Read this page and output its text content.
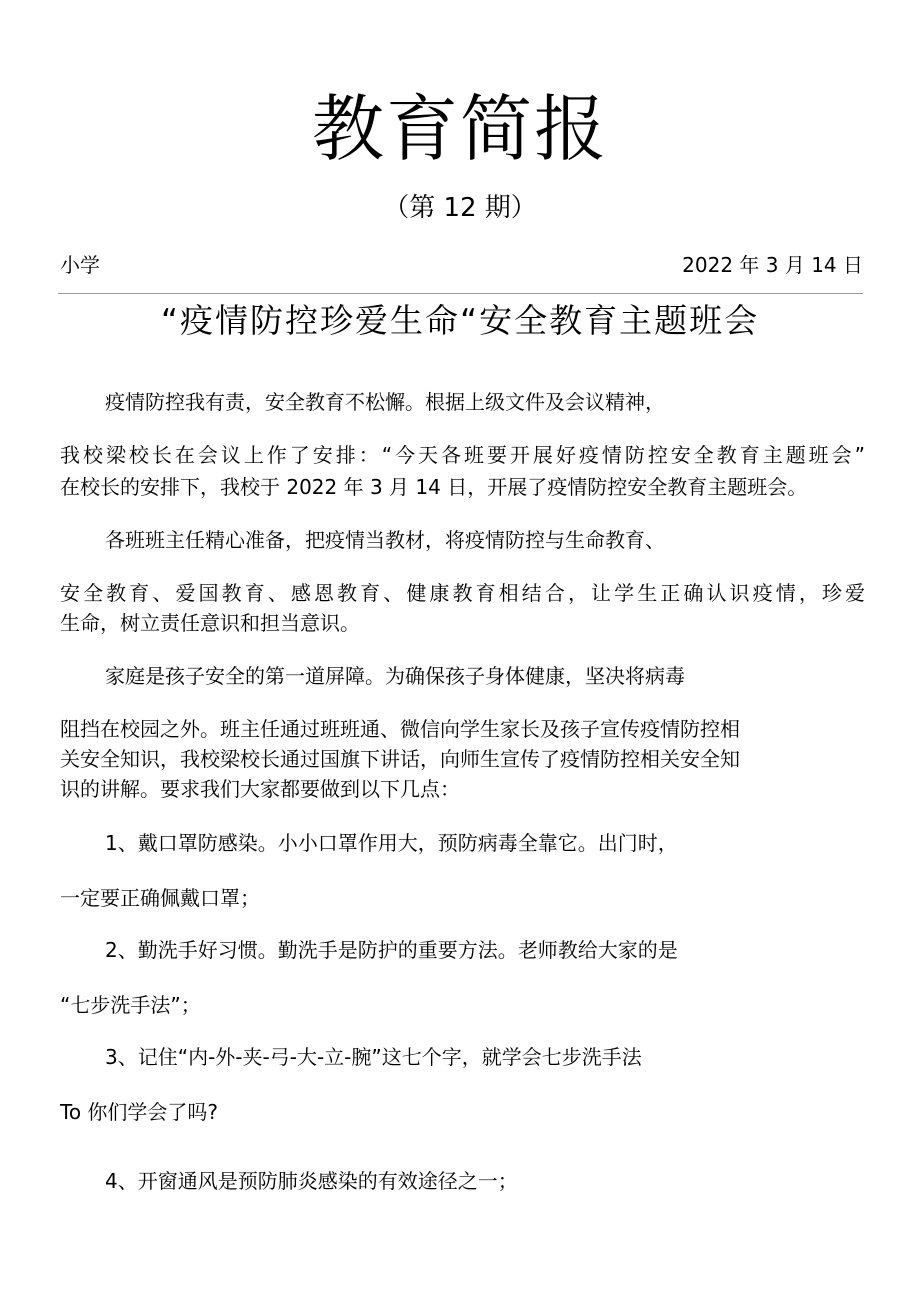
教育简报
（第 12 期）
小学	2022 年 3 月 14 日
“疫情防控珍爱生命“安全教育主题班会
疫情防控我有责，安全教育不松懈。根据上级文件及会议精神，
我校梁校长在会议上作了安排：“今天各班要开展好疫情防控安全教育主题班会”
在校长的安排下，我校于 2022 年 3 月 14 日，开展了疫情防控安全教育主题班会。
各班班主任精心准备，把疫情当教材，将疫情防控与生命教育、
安全教育、爱国教育、感恩教育、健康教育相结合，让学生正确认识疫情，珍爱
生命，树立责任意识和担当意识。
家庭是孩子安全的第一道屏障。为确保孩子身体健康，坚决将病毒
阻挡在校园之外。班主任通过班班通、微信向学生家长及孩子宣传疫情防控相
关安全知识，我校梁校长通过国旗下讲话，向师生宣传了疫情防控相关安全知
识的讲解。要求我们大家都要做到以下几点：
1、戴口罩防感染。小小口罩作用大，预防病毒全靠它。出门时，
一定要正确佩戴口罩；
2、勤洗手好习惯。勤洗手是防护的重要方法。老师教给大家的是
“七步洗手法”；
3、记住“内-外-夹-弓-大-立-腕”这七个字，就学会七步洗手法
To 你们学会了吗?
4、开窗通风是预防肺炎感染的有效途径之一；
